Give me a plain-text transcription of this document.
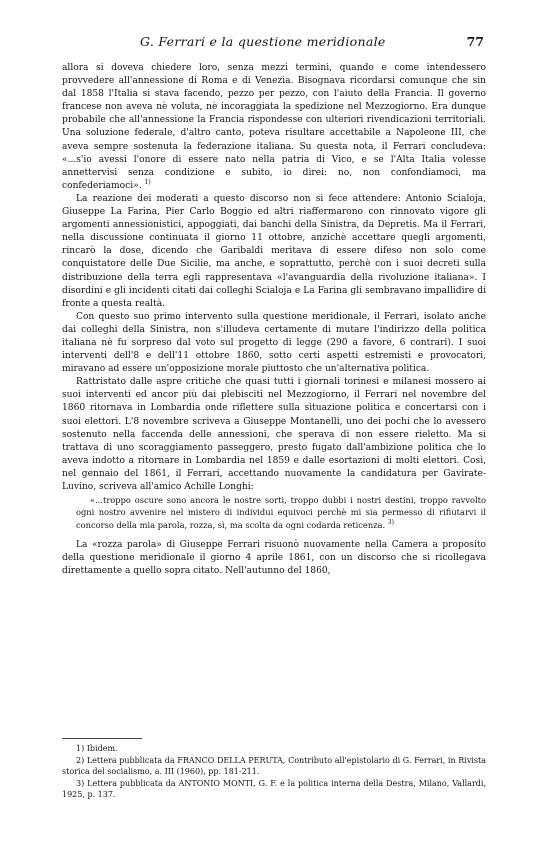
G. Ferrari e la questione meridionale	77

allora si doveva chiedere loro, senza mezzi termini, quando e come intendessero provvedere all'annessione di Roma e di Venezia. Bisognava ricordarsi comunque che sin dal 1858 l'Italia si stava facendo, pezzo per pezzo, con l'aiuto della Francia. Il governo francese non aveva nè voluta, nè incoraggiata la spedizione nel Mezzogiorno. Era dunque probabile che all'annessione la Francia rispondesse con ulteriori rivendicazioni territoriali. Una soluzione federale, d'altro canto, poteva risultare accettabile a Napoleone III, che aveva sempre sostenuta la federazione italiana. Su questa nota, il Ferrari concludeva: «...s'io avessi l'onore di essere nato nella patria di Vico, e se l'Alta Italia volesse annettervisi senza condizione e subito, io direi: no, non confondiamoci, ma confederiamoci». $^{1)}$

La reazione dei moderati a questo discorso non si fece attendere: Antonio Scialoja, Giuseppe La Farina, Pier Carlo Boggio ed altri riaffermarono con rinnovato vigore gli argomenti annessionistici, appoggiati, dai banchi della Sinistra, da Depretis. Ma il Ferrari, nella discussione continuata il giorno 11 ottobre, anzichè accettare quegli argomenti, rincarò la dose, dicendo che Garibaldi meritava di essere difeso non solo come conquistatore delle Due Sicilie, ma anche, e soprattutto, perchè con i suoi decreti sulla distribuzione della terra egli rappresentava «l'avanguardia della rivoluzione italiana». I disordini e gli incidenti citati dai colleghi Scialoja e La Farina gli sembravano impallidire di fronte a questa realtà.

Con questo suo primo intervento sulla questione meridionale, il Ferrari, isolato anche dai colleghi della Sinistra, non s'illudeva certamente di mutare l'indirizzo della politica italiana nè fu sorpreso dal voto sul progetto di legge (290 a favore, 6 contrari). I suoi interventi dell'8 e dell'11 ottobre 1860, sotto certi aspetti estremisti e provocatori, miravano ad essere un'opposizione morale piuttosto che un'alternativa politica.

Rattristato dalle aspre critiche che quasi tutti i giornali torinesi e milanesi mossero ai suoi interventi ed ancor più dai plebisciti nel Mezzogiorno, il Ferrari nel novembre del 1860 ritornava in Lombardia onde riflettere sulla situazione politica e concertarsi con i suoi elettori. L'8 novembre scriveva a Giuseppe Montanelli, uno dei pochi che lo avessero sostenuto nella faccenda delle annessioni, che sperava di non essere rieletto. Ma si trattava di uno scoraggiamento passeggero, presto fugato dall'ambizione politica che lo aveva indotto a ritornare in Lombardia nel 1859 e dalle esortazioni di molti elettori. Così, nel gennaio del 1861, il Ferrari, accettando nuovamente la candidatura per Gavirate-Luvino, scriveva all'amico Achille Longhi:

«...troppo oscure sono ancora le nostre sorti, troppo dubbi i nostri destini, troppo ravvolto ogni nostro avvenire nel mistero di individui equivoci perchè mi sia permesso di rifiutarvi il concorso della mia parola, rozza, sì, ma scolta da ogni codarda reticenza. $^{3)}$

La «rozza parola» di Giuseppe Ferrari risuonò nuovamente nella Camera a proposito della questione meridionale il giorno 4 aprile 1861, con un discorso che si ricollegava direttamente a quello sopra citato. Nell'autunno del 1860,

1) Ibidem.

2) Lettera pubblicata da FRANCO DELLA PERUTA, Contributo all'epistolario di G. Ferrari, in Rivista storica del socialismo, a. III (1960), pp. 181-211.

3) Lettera pubblicata da ANTONIO MONTI, G. F. e la politica interna della Destra, Milano, Vallardi, 1925, p. 137.
